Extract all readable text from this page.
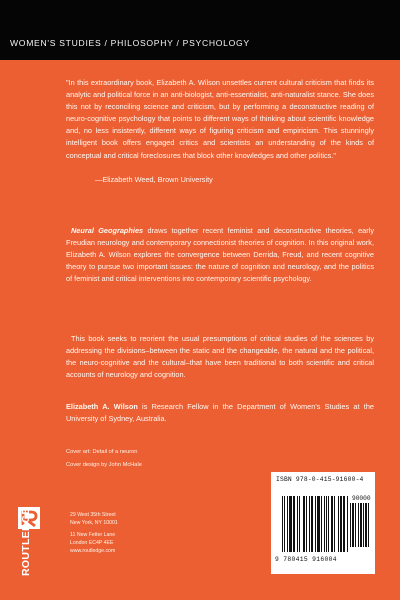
WOMEN'S STUDIES / PHILOSOPHY / PSYCHOLOGY

"In this extraordinary book, Elizabeth A. Wilson unsettles current cultural criticism that finds its analytic and political force in an anti-biologist, anti-essentialist, anti-naturalist stance. She does this not by reconciling science and criticism, but by performing a deconstructive reading of neuro-cognitive psychology that points to different ways of thinking about scientific knowledge and, no less insistently, different ways of figuring criticism and empiricism. This stunningly intelligent book offers engaged critics and scientists an understanding of the kinds of conceptual and critical foreclosures that block other knowledges and other politics."

—Elizabeth Weed, Brown University

Neural Geographies draws together recent feminist and deconstructive theories, early Freudian neurology and contemporary connectionist theories of cognition. In this original work, Elizabeth A. Wilson explores the convergence between Derrida, Freud, and recent cognitive theory to pursue two important issues: the nature of cognition and neurology, and the politics of feminist and critical interventions into contemporary scientific psychology.

This book seeks to reorient the usual presumptions of critical studies of the sciences by addressing the divisions–between the static and the changeable, the natural and the political, the neuro-cognitive and the cultural–that have been traditional to both scientific and critical accounts of neurology and cognition.

Elizabeth A. Wilson is Research Fellow in the Department of Women's Studies at the University of Sydney, Australia.

Cover art: Detail of a neuron
Cover design by John McHale
ROUTLEDGE	29 West 35th Street
New York, NY 10001
11 New Fetter Lane
London EC4P 4EE
www.routledge.com
ISBN 978-0-415-91600-4
90000
9 780415 916004
